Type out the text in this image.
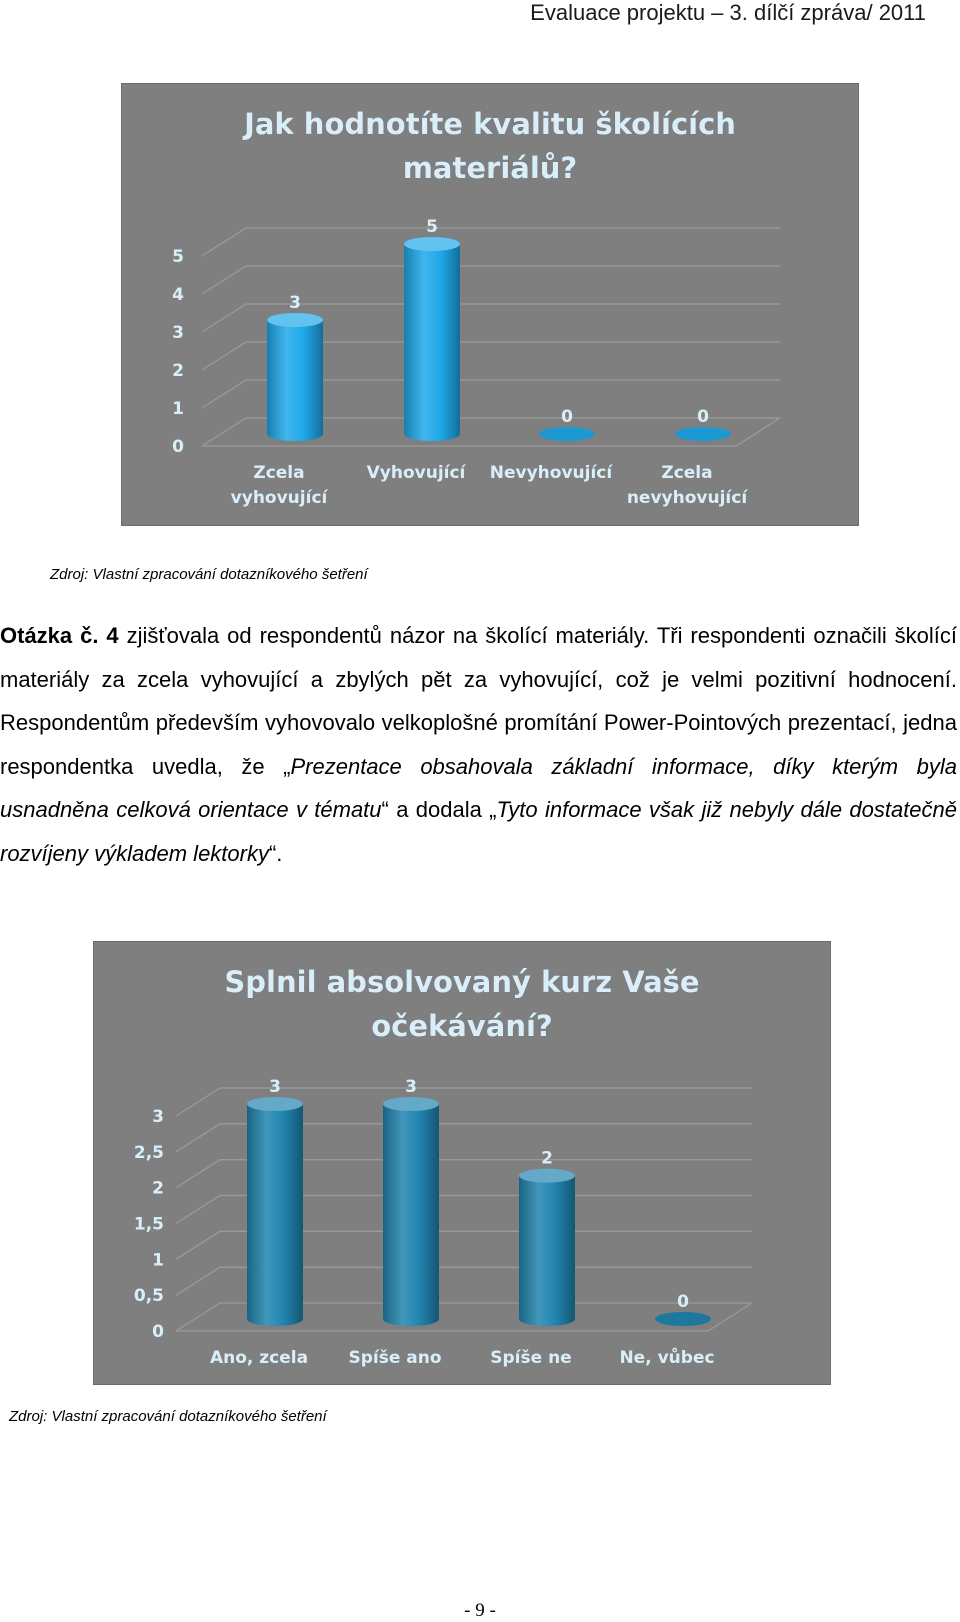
Evaluace projektu – 3. dílčí zpráva/ 2011
Jak hodnotíte kvalitu školících
materiálů?
0
1
2
3
4
5
3
Zcela
vyhovující
5
Vyhovující
0
Nevyhovující
0
Zcela
nevyhovující
Zdroj: Vlastní zpracování dotazníkového šetření
Otázka č. 4 zjišťovala od respondentů názor na školící materiály. Tři respondenti označili školící materiály za zcela vyhovující a zbylých pět za vyhovující, což je velmi pozitivní hodnocení. Respondentům především vyhovovalo velkoplošné promítání Power-Pointových prezentací, jedna respondentka uvedla, že „Prezentace obsahovala základní informace, díky kterým byla usnadněna celková orientace v tématu“ a dodala „Tyto informace však již nebyly dále dostatečně rozvíjeny výkladem lektorky“.
Splnil absolvovaný kurz Vaše
očekávání?
0
0,5
1
1,5
2
2,5
3
3
Ano, zcela
3
Spíše ano
2
Spíše ne
0
Ne, vůbec
Zdroj: Vlastní zpracování dotazníkového šetření
- 9 -
